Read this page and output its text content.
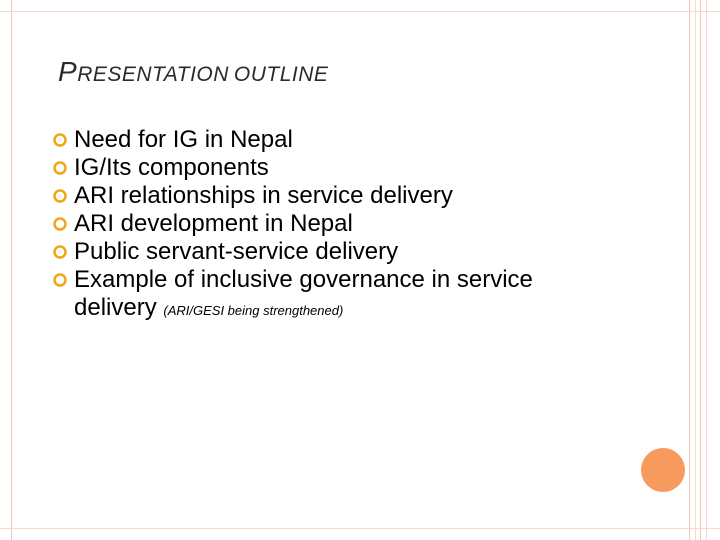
PRESENTATION OUTLINE
Need for IG in Nepal
IG/Its components
ARI relationships in service delivery
ARI development in Nepal
Public servant-service delivery
Example of inclusive governance in service delivery (ARI/GESI being strengthened)
